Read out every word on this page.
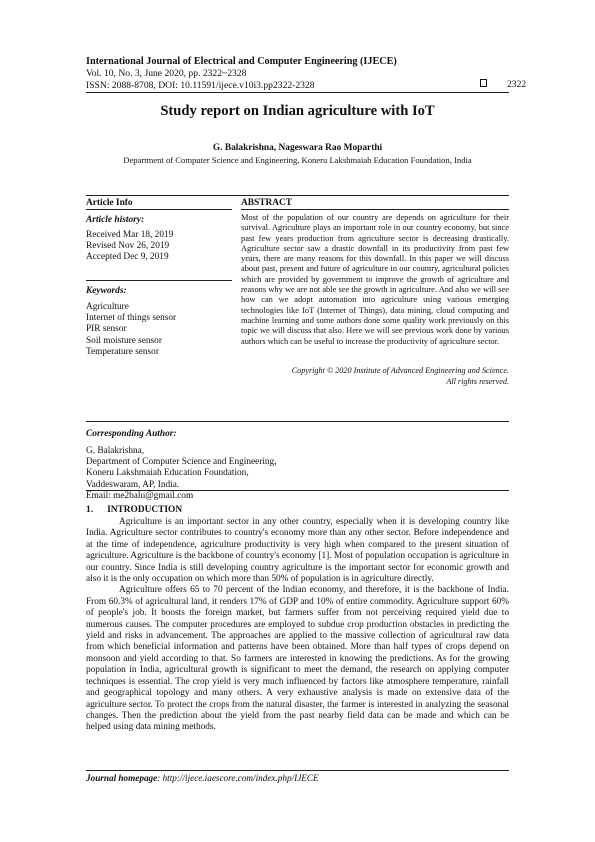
International Journal of Electrical and Computer Engineering (IJECE)
Vol. 10, No. 3, June 2020, pp. 2322~2328
ISSN: 2088-8708, DOI: 10.11591/ijece.v10i3.pp2322-2328	2322
Study report on Indian agriculture with IoT
G. Balakrishna, Nageswara Rao Moparthi
Department of Computer Science and Engineering, Koneru Lakshmaiah Education Foundation, India
Article Info	ABSTRACT
Article history:
Received Mar 18, 2019
Revised Nov 26, 2019
Accepted Dec 9, 2019
Keywords:
Agriculture
Internet of things sensor
PIR sensor
Soil moisture sensor
Temperature sensor
Most of the population of our country are depends on agriculture for their survival. Agriculture plays an important role in our country economy, but since past few years production from agriculture sector is decreasing drastically. Agriculture sector saw a drastic downfall in its productivity from past few years, there are many reasons for this downfall. In this paper we will discuss about past, present and future of agriculture in our country, agricultural policies which are provided by government to improve the growth of agriculture and reasons why we are not able see the growth in agriculture. And also we will see how can we adopt automation into agriculture using various emerging technologies like IoT (Internet of Things), data mining, cloud computing and machine learning and some authors done some quality work previously on this topic we will discuss that also. Here we will see previous work done by various authors which can be useful to increase the productivity of agriculture sector.
Copyright © 2020 Institute of Advanced Engineering and Science.
All rights reserved.
Corresponding Author:
G. Balakrishna,
Department of Computer Science and Engineering,
Koneru Lakshmaiah Education Foundation,
Vaddeswaram, AP, India.
Email: me2balu@gmail.com
1.      INTRODUCTION
Agriculture is an important sector in any other country, especially when it is developing country like India. Agriculture sector contributes to country's economy more than any other sector. Before independence and at the time of independence, agriculture productivity is very high when compared to the present situation of agriculture. Agriculture is the backbone of country's economy [1]. Most of population occupation is agriculture in our country. Since India is still developing country agriculture is the important sector for economic growth and also it is the only occupation on which more than 50% of population is in agriculture directly.
Agriculture offers 65 to 70 percent of the Indian economy, and therefore, it is the backbone of India. From 60.3% of agricultural land, it renders 17% of GDP and 10% of entire commodity. Agriculture support 60% of people's job. It boosts the foreign market, but farmers suffer from not perceiving required yield due to numerous causes. The computer procedures are employed to subdue crop production obstacles in predicting the yield and risks in advancement. The approaches are applied to the massive collection of agricultural raw data from which beneficial information and patterns have been obtained. More than half types of crops depend on monsoon and yield according to that. So farmers are interested in knowing the predictions. As for the growing population in India, agricultural growth is significant to meet the demand, the research on applying computer techniques is essential. The crop yield is very much influenced by factors like atmosphere temperature, rainfall and geographical topology and many others. A very exhaustive analysis is made on extensive data of the agriculture sector. To protect the crops from the natural disaster, the farmer is interested in analyzing the seasonal changes. Then the prediction about the yield from the past nearby field data can be made and which can be helped using data mining methods.
Journal homepage: http://ijece.iaescore.com/index.php/IJECE
